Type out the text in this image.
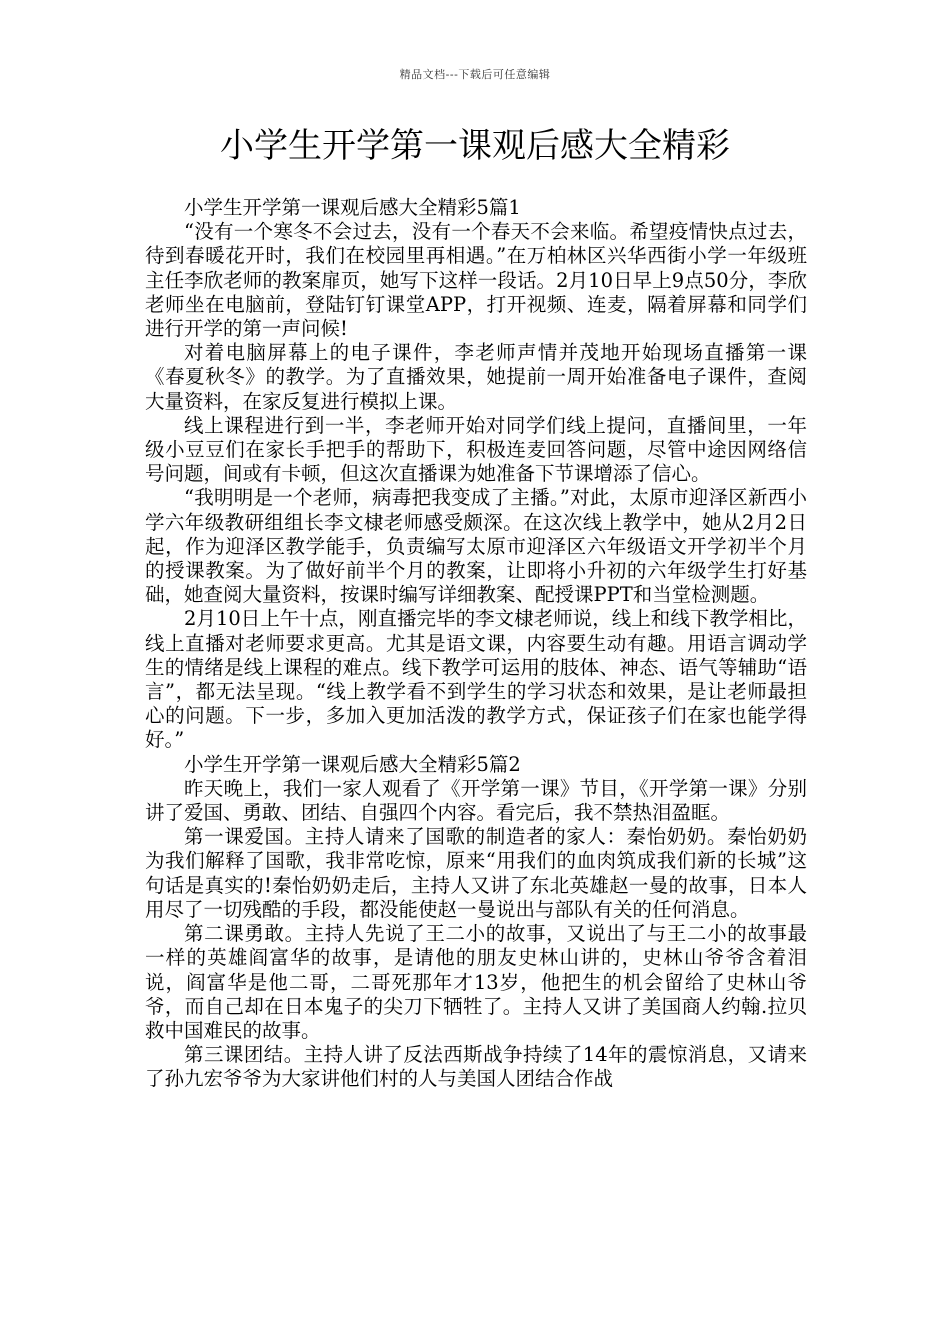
精品文档---下载后可任意编辑
小学生开学第一课观后感大全精彩

小学生开学第一课观后感大全精彩5篇1

“没有一个寒冬不会过去，没有一个春天不会来临。希望疫情快点过去，待到春暖花开时，我们在校园里再相遇。”在万柏林区兴华西街小学一年级班主任李欣老师的教案扉页，她写下这样一段话。2月10日早上9点50分，李欣老师坐在电脑前，登陆钉钉课堂APP，打开视频、连麦，隔着屏幕和同学们进行开学的第一声问候!

对着电脑屏幕上的电子课件，李老师声情并茂地开始现场直播第一课《春夏秋冬》的教学。为了直播效果，她提前一周开始准备电子课件，查阅大量资料，在家反复进行模拟上课。

线上课程进行到一半，李老师开始对同学们线上提问，直播间里，一年级小豆豆们在家长手把手的帮助下，积极连麦回答问题，尽管中途因网络信号问题，间或有卡顿，但这次直播课为她准备下节课增添了信心。

“我明明是一个老师，病毒把我变成了主播。”对此，太原市迎泽区新西小学六年级教研组组长李文棣老师感受颇深。在这次线上教学中，她从2月2日起，作为迎泽区教学能手，负责编写太原市迎泽区六年级语文开学初半个月的授课教案。为了做好前半个月的教案，让即将小升初的六年级学生打好基础，她查阅大量资料，按课时编写详细教案、配授课PPT和当堂检测题。

2月10日上午十点，刚直播完毕的李文棣老师说，线上和线下教学相比，线上直播对老师要求更高。尤其是语文课，内容要生动有趣。用语言调动学生的情绪是线上课程的难点。线下教学可运用的肢体、神态、语气等辅助“语言”，都无法呈现。“线上教学看不到学生的学习状态和效果，是让老师最担心的问题。下一步，多加入更加活泼的教学方式，保证孩子们在家也能学得好。”

小学生开学第一课观后感大全精彩5篇2

昨天晚上，我们一家人观看了《开学第一课》节目，《开学第一课》分别讲了爱国、勇敢、团结、自强四个内容。看完后，我不禁热泪盈眶。

第一课爱国。主持人请来了国歌的制造者的家人：秦怡奶奶。秦怡奶奶为我们解释了国歌，我非常吃惊，原来“用我们的血肉筑成我们新的长城”这句话是真实的!秦怡奶奶走后，主持人又讲了东北英雄赵一曼的故事，日本人用尽了一切残酷的手段，都没能使赵一曼说出与部队有关的任何消息。

第二课勇敢。主持人先说了王二小的故事，又说出了与王二小的故事最一样的英雄阎富华的故事，是请他的朋友史林山讲的，史林山爷爷含着泪说，阎富华是他二哥，二哥死那年才13岁，他把生的机会留给了史林山爷爷，而自己却在日本鬼子的尖刀下牺牲了。主持人又讲了美国商人约翰.拉贝救中国难民的故事。

第三课团结。主持人讲了反法西斯战争持续了14年的震惊消息，又请来了孙九宏爷爷为大家讲他们村的人与美国人团结合作战
